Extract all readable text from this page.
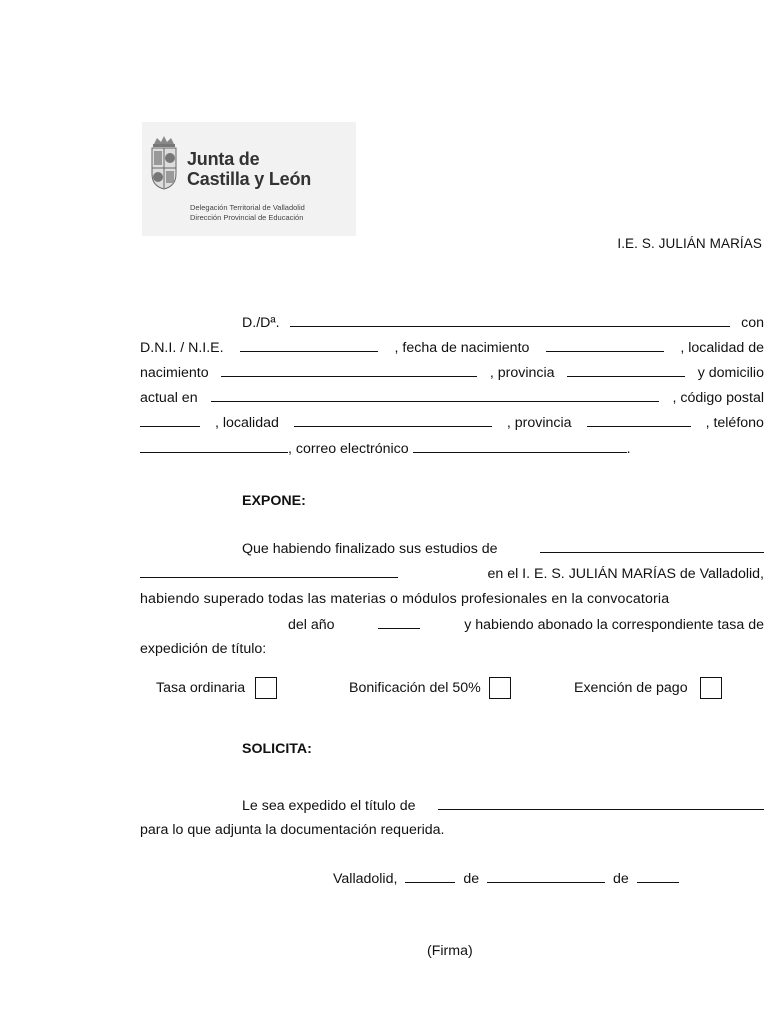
Junta de
Castilla y León
Delegación Territorial de Valladolid
Dirección Provincial de Educación
I.E. S. JULIÁN MARÍAS
D./Dª.	con
D.N.I. / N.I.E.	, fecha de nacimiento	, localidad de
nacimiento	, provincia	y domicilio
actual en	, código postal
, localidad	, provincia	, teléfono
, correo electrónico	.
EXPONE:
Que habiendo finalizado sus estudios de
en el I. E. S. JULIÁN MARÍAS de Valladolid,
habiendo superado todas las materias o módulos profesionales en la convocatoria
del año	y habiendo abonado la correspondiente tasa de
expedición de título:
Tasa ordinaria	Bonificación del 50%	Exención de pago
SOLICITA:
Le sea expedido el título de
para lo que adjunta la documentación requerida.
Valladolid,	de	de
(Firma)
